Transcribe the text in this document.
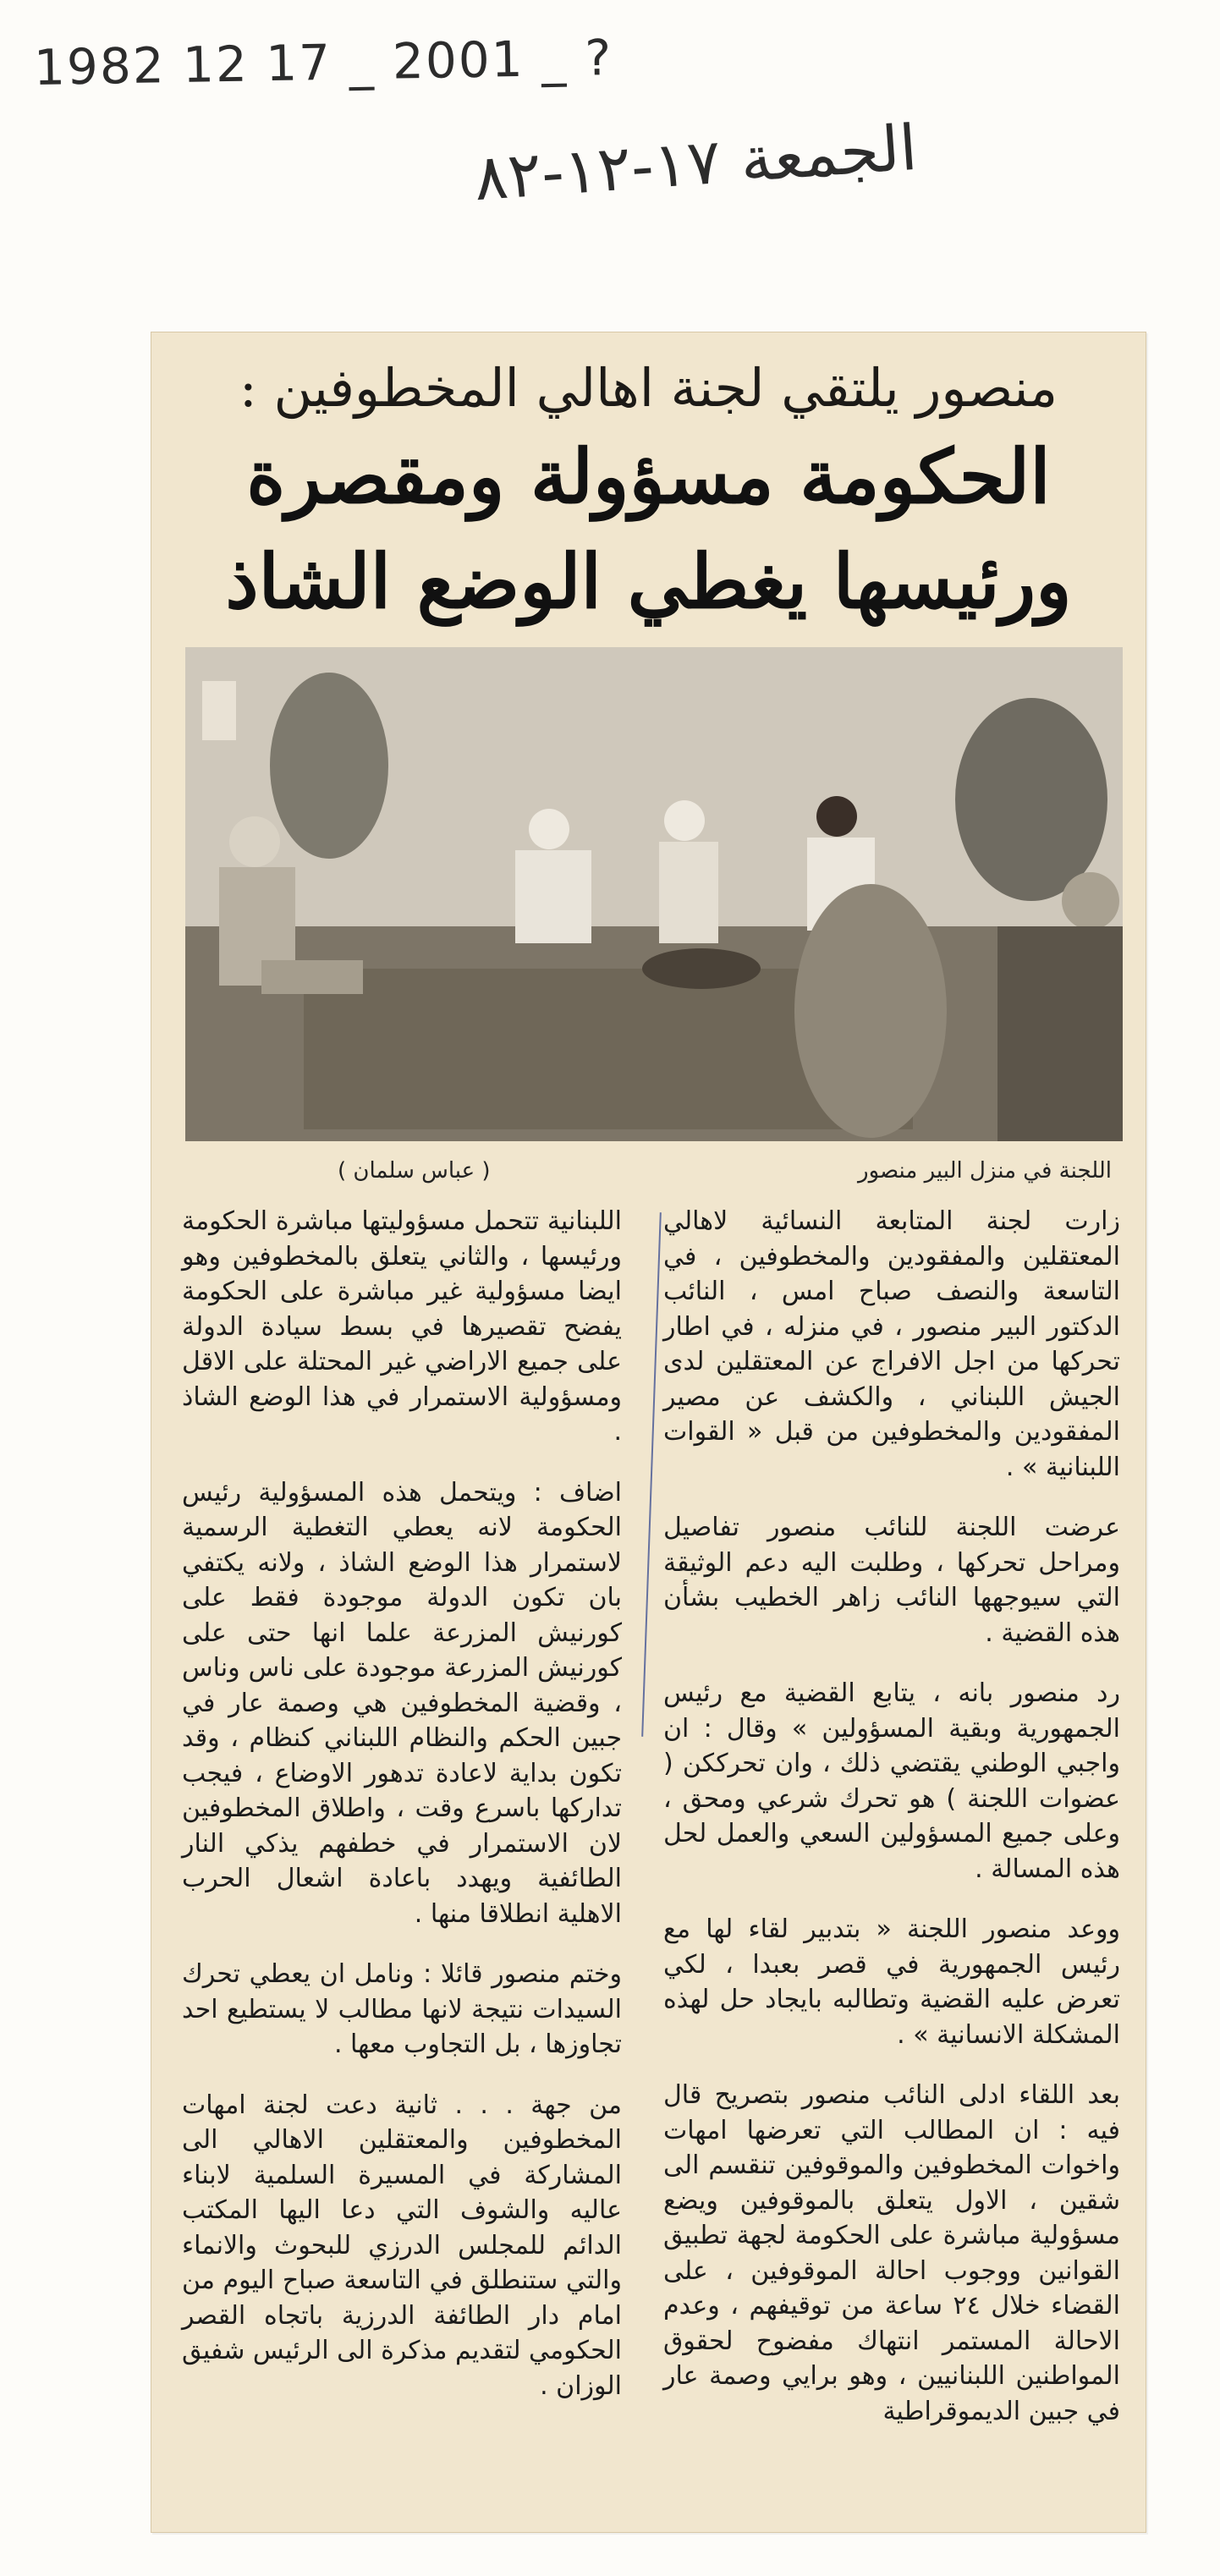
1982 12 17 _ 2001 _ ?
الجمعة ١٧-١٢-٨٢
منصور يلتقي لجنة اهالي المخطوفين :
الحكومة مسؤولة ومقصرة
ورئيسها يغطي الوضع الشاذ
( عباس سلمان )	اللجنة في منزل البير منصور

زارت لجنة المتابعة النسائية لاهالي المعتقلين والمفقودين والمخطوفين ، في التاسعة والنصف صباح امس ، النائب الدكتور البير منصور ، في منزله ، في اطار تحركها من اجل الافراج عن المعتقلين لدى الجيش اللبناني ، والكشف عن مصير المفقودين والمخطوفين من قبل « القوات اللبنانية » .

عرضت اللجنة للنائب منصور تفاصيل ومراحل تحركها ، وطلبت اليه دعم الوثيقة التي سيوجهها النائب زاهر الخطيب بشأن هذه القضية .

رد منصور بانه ، يتابع القضية مع رئيس الجمهورية وبقية المسؤولين » وقال : ان واجبي الوطني يقتضي ذلك ، وان تحرككن ( عضوات اللجنة ) هو تحرك شرعي ومحق ، وعلى جميع المسؤولين السعي والعمل لحل هذه المسالة .

ووعد منصور اللجنة « بتدبير لقاء لها مع رئيس الجمهورية في قصر بعبدا ، لكي تعرض عليه القضية وتطالبه بايجاد حل لهذه المشكلة الانسانية » .

بعد اللقاء ادلى النائب منصور بتصريح قال فيه : ان المطالب التي تعرضها امهات واخوات المخطوفين والموقوفين تنقسم الى شقين ، الاول يتعلق بالموقوفين ويضع مسؤولية مباشرة على الحكومة لجهة تطبيق القوانين ووجوب احالة الموقوفين ، على القضاء خلال ٢٤ ساعة من توقيفهم ، وعدم الاحالة المستمر انتهاك مفضوح لحقوق المواطنين اللبنانيين ، وهو برايي وصمة عار في جبين الديموقراطية

اللبنانية تتحمل مسؤوليتها مباشرة الحكومة ورئيسها ، والثاني يتعلق بالمخطوفين وهو ايضا مسؤولية غير مباشرة على الحكومة يفضح تقصيرها في بسط سيادة الدولة على جميع الاراضي غير المحتلة على الاقل ومسؤولية الاستمرار في هذا الوضع الشاذ .

اضاف : ويتحمل هذه المسؤولية رئيس الحكومة لانه يعطي التغطية الرسمية لاستمرار هذا الوضع الشاذ ، ولانه يكتفي بان تكون الدولة موجودة فقط على كورنيش المزرعة علما انها حتى على كورنيش المزرعة موجودة على ناس وناس ، وقضية المخطوفين هي وصمة عار في جبين الحكم والنظام اللبناني كنظام ، وقد تكون بداية لاعادة تدهور الاوضاع ، فيجب تداركها باسرع وقت ، واطلاق المخطوفين لان الاستمرار في خطفهم يذكي النار الطائفية ويهدد باعادة اشعال الحرب الاهلية انطلاقا منها .

وختم منصور قائلا : ونامل ان يعطي تحرك السيدات نتيجة لانها مطالب لا يستطيع احد تجاوزها ، بل التجاوب معها .

من جهة . . . ثانية دعت لجنة امهات المخطوفين والمعتقلين الاهالي الى المشاركة في المسيرة السلمية لابناء عاليه والشوف التي دعا اليها المكتب الدائم للمجلس الدرزي للبحوث والانماء والتي ستنطلق في التاسعة صباح اليوم من امام دار الطائفة الدرزية باتجاه القصر الحكومي لتقديم مذكرة الى الرئيس شفيق الوزان .
